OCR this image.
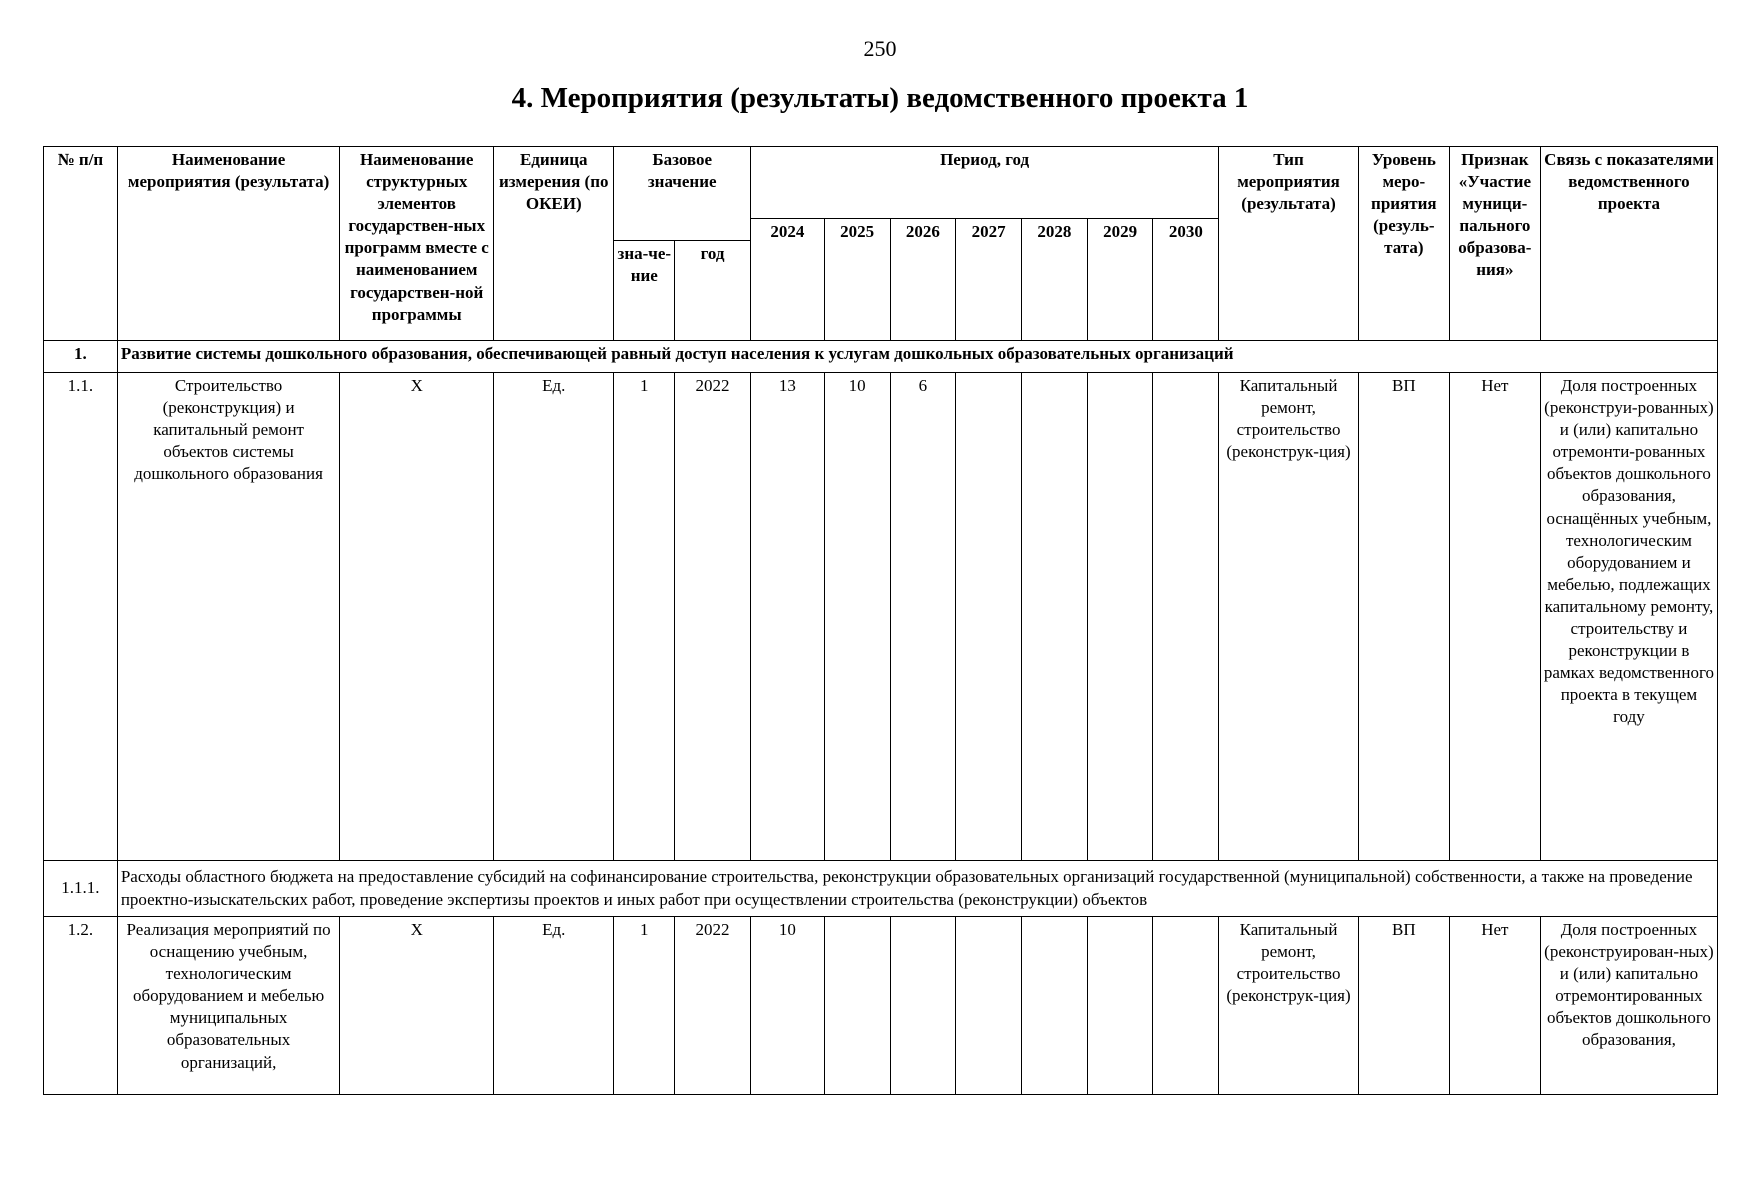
250
4. Мероприятия (результаты) ведомственного проекта 1
№ п/п	Наименование мероприятия (результата)	Наименование структурных элементов государствен-ных программ вместе с наименованием государствен-ной программы	Единица измерения (по ОКЕИ)	Базовое значение		Период, год							Тип мероприятия (результата)	Уровень меро-приятия (резуль-тата)	Признак «Участие муници-пального образова-ния»	Связь с показателями ведомственного проекта
						2024	2025	2026	2027	2028	2029	2030				
				зна-че-ние	год											
1.	Развитие системы дошкольного образования, обеспечивающей равный доступ населения к услугам дошкольных образовательных организаций															
1.1.	Строительство (реконструкция) и капитальный ремонт объектов системы дошкольного образования	X	Ед.	1	2022	13	10	6					Капитальный ремонт, строительство (реконструк-ция)	ВП	Нет	Доля построенных (реконструи-рованных) и (или) капитально отремонти-рованных объектов дошкольного образования, оснащённых учебным, технологическим оборудованием и мебелью, подлежащих капитальному ремонту, строительству и реконструкции в рамках ведомственного проекта в текущем году
1.1.1.	Расходы областного бюджета на предоставление субсидий на софинансирование строительства, реконструкции образовательных организаций государственной (муниципальной) собственности, а также на проведение проектно-изыскательских работ, проведение экспертизы проектов и иных работ при осуществлении строительства (реконструкции) объектов															
1.2.	Реализация мероприятий по оснащению учебным, технологическим оборудованием и мебелью муниципальных образовательных организаций,	X	Ед.	1	2022	10							Капитальный ремонт, строительство (реконструк-ция)	ВП	Нет	Доля построенных (реконструирован-ных) и (или) капитально отремонтированных объектов дошкольного образования,
